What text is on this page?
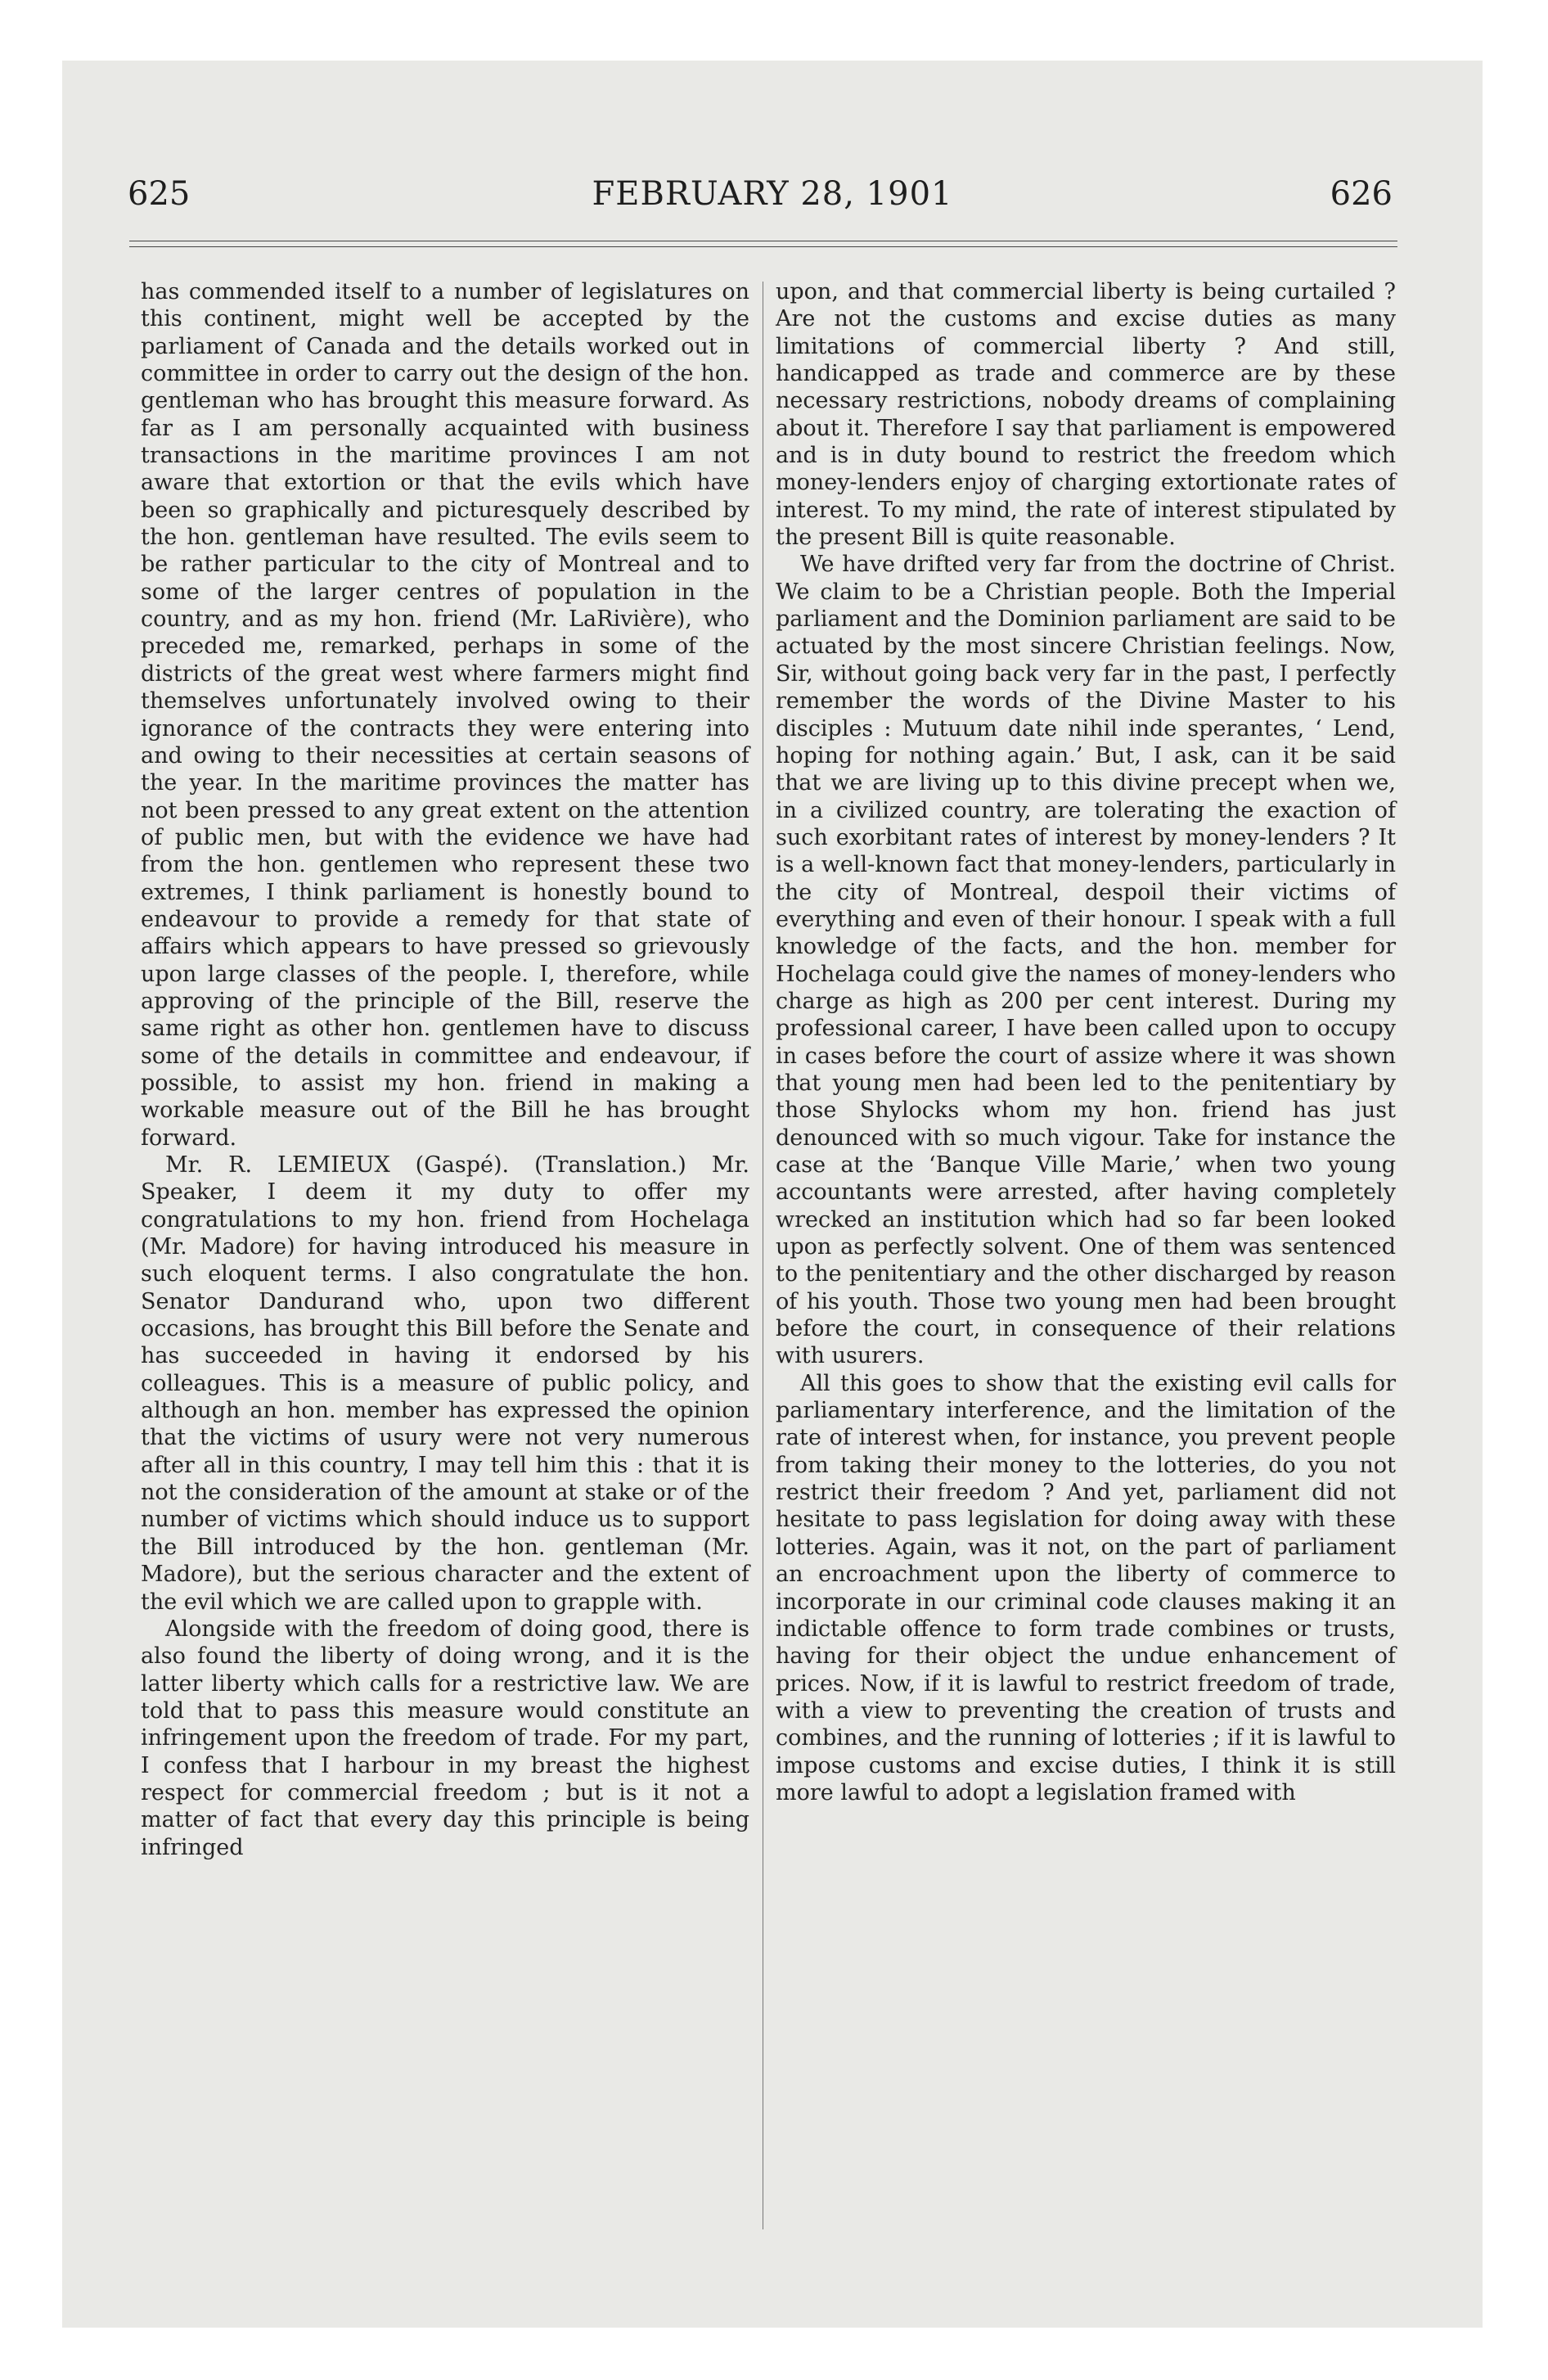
625	FEBRUARY 28, 1901	626

has commended itself to a number of legislatures on this continent, might well be accepted by the parliament of Canada and the details worked out in committee in order to carry out the design of the hon. gentleman who has brought this measure forward. As far as I am personally acquainted with business transactions in the maritime provinces I am not aware that extortion or that the evils which have been so graphically and picturesquely described by the hon. gentleman have resulted. The evils seem to be rather particular to the city of Montreal and to some of the larger centres of population in the country, and as my hon. friend (Mr. LaRivière), who preceded me, remarked, perhaps in some of the districts of the great west where farmers might find themselves unfortunately involved owing to their ignorance of the contracts they were entering into and owing to their necessities at certain seasons of the year. In the maritime provinces the matter has not been pressed to any great extent on the attention of public men, but with the evidence we have had from the hon. gentlemen who represent these two extremes, I think parliament is honestly bound to endeavour to provide a remedy for that state of affairs which appears to have pressed so grievously upon large classes of the people. I, therefore, while approving of the principle of the Bill, reserve the same right as other hon. gentlemen have to discuss some of the details in committee and endeavour, if possible, to assist my hon. friend in making a workable measure out of the Bill he has brought forward.

Mr. R. LEMIEUX (Gaspé). (Translation.) Mr. Speaker, I deem it my duty to offer my congratulations to my hon. friend from Hochelaga (Mr. Madore) for having introduced his measure in such eloquent terms. I also congratulate the hon. Senator Dandurand who, upon two different occasions, has brought this Bill before the Senate and has succeeded in having it endorsed by his colleagues. This is a measure of public policy, and although an hon. member has expressed the opinion that the victims of usury were not very numerous after all in this country, I may tell him this : that it is not the consideration of the amount at stake or of the number of victims which should induce us to support the Bill introduced by the hon. gentleman (Mr. Madore), but the serious character and the extent of the evil which we are called upon to grapple with.

Alongside with the freedom of doing good, there is also found the liberty of doing wrong, and it is the latter liberty which calls for a restrictive law. We are told that to pass this measure would constitute an infringement upon the freedom of trade. For my part, I confess that I harbour in my breast the highest respect for commercial freedom ; but is it not a matter of fact that every day this principle is being infringed

upon, and that commercial liberty is being curtailed ? Are not the customs and excise duties as many limitations of commercial liberty ? And still, handicapped as trade and commerce are by these necessary restrictions, nobody dreams of complaining about it. Therefore I say that parliament is empowered and is in duty bound to restrict the freedom which money-lenders enjoy of charging extortionate rates of interest. To my mind, the rate of interest stipulated by the present Bill is quite reasonable.

We have drifted very far from the doctrine of Christ. We claim to be a Christian people. Both the Imperial parliament and the Dominion parliament are said to be actuated by the most sincere Christian feelings. Now, Sir, without going back very far in the past, I perfectly remember the words of the Divine Master to his disciples : Mutuum date nihil inde sperantes, ‘ Lend, hoping for nothing again.’ But, I ask, can it be said that we are living up to this divine precept when we, in a civilized country, are tolerating the exaction of such exorbitant rates of interest by money-lenders ? It is a well-known fact that money-lenders, particularly in the city of Montreal, despoil their victims of everything and even of their honour. I speak with a full knowledge of the facts, and the hon. member for Hochelaga could give the names of money-lenders who charge as high as 200 per cent interest. During my professional career, I have been called upon to occupy in cases before the court of assize where it was shown that young men had been led to the penitentiary by those Shylocks whom my hon. friend has just denounced with so much vigour. Take for instance the case at the ‘Banque Ville Marie,’ when two young accountants were arrested, after having completely wrecked an institution which had so far been looked upon as perfectly solvent. One of them was sentenced to the penitentiary and the other discharged by reason of his youth. Those two young men had been brought before the court, in consequence of their relations with usurers.

All this goes to show that the existing evil calls for parliamentary interference, and the limitation of the rate of interest when, for instance, you prevent people from taking their money to the lotteries, do you not restrict their freedom ? And yet, parliament did not hesitate to pass legislation for doing away with these lotteries. Again, was it not, on the part of parliament an encroachment upon the liberty of commerce to incorporate in our criminal code clauses making it an indictable offence to form trade combines or trusts, having for their object the undue enhancement of prices. Now, if it is lawful to restrict freedom of trade, with a view to preventing the creation of trusts and combines, and the running of lotteries ; if it is lawful to impose customs and excise duties, I think it is still more lawful to adopt a legislation framed with
